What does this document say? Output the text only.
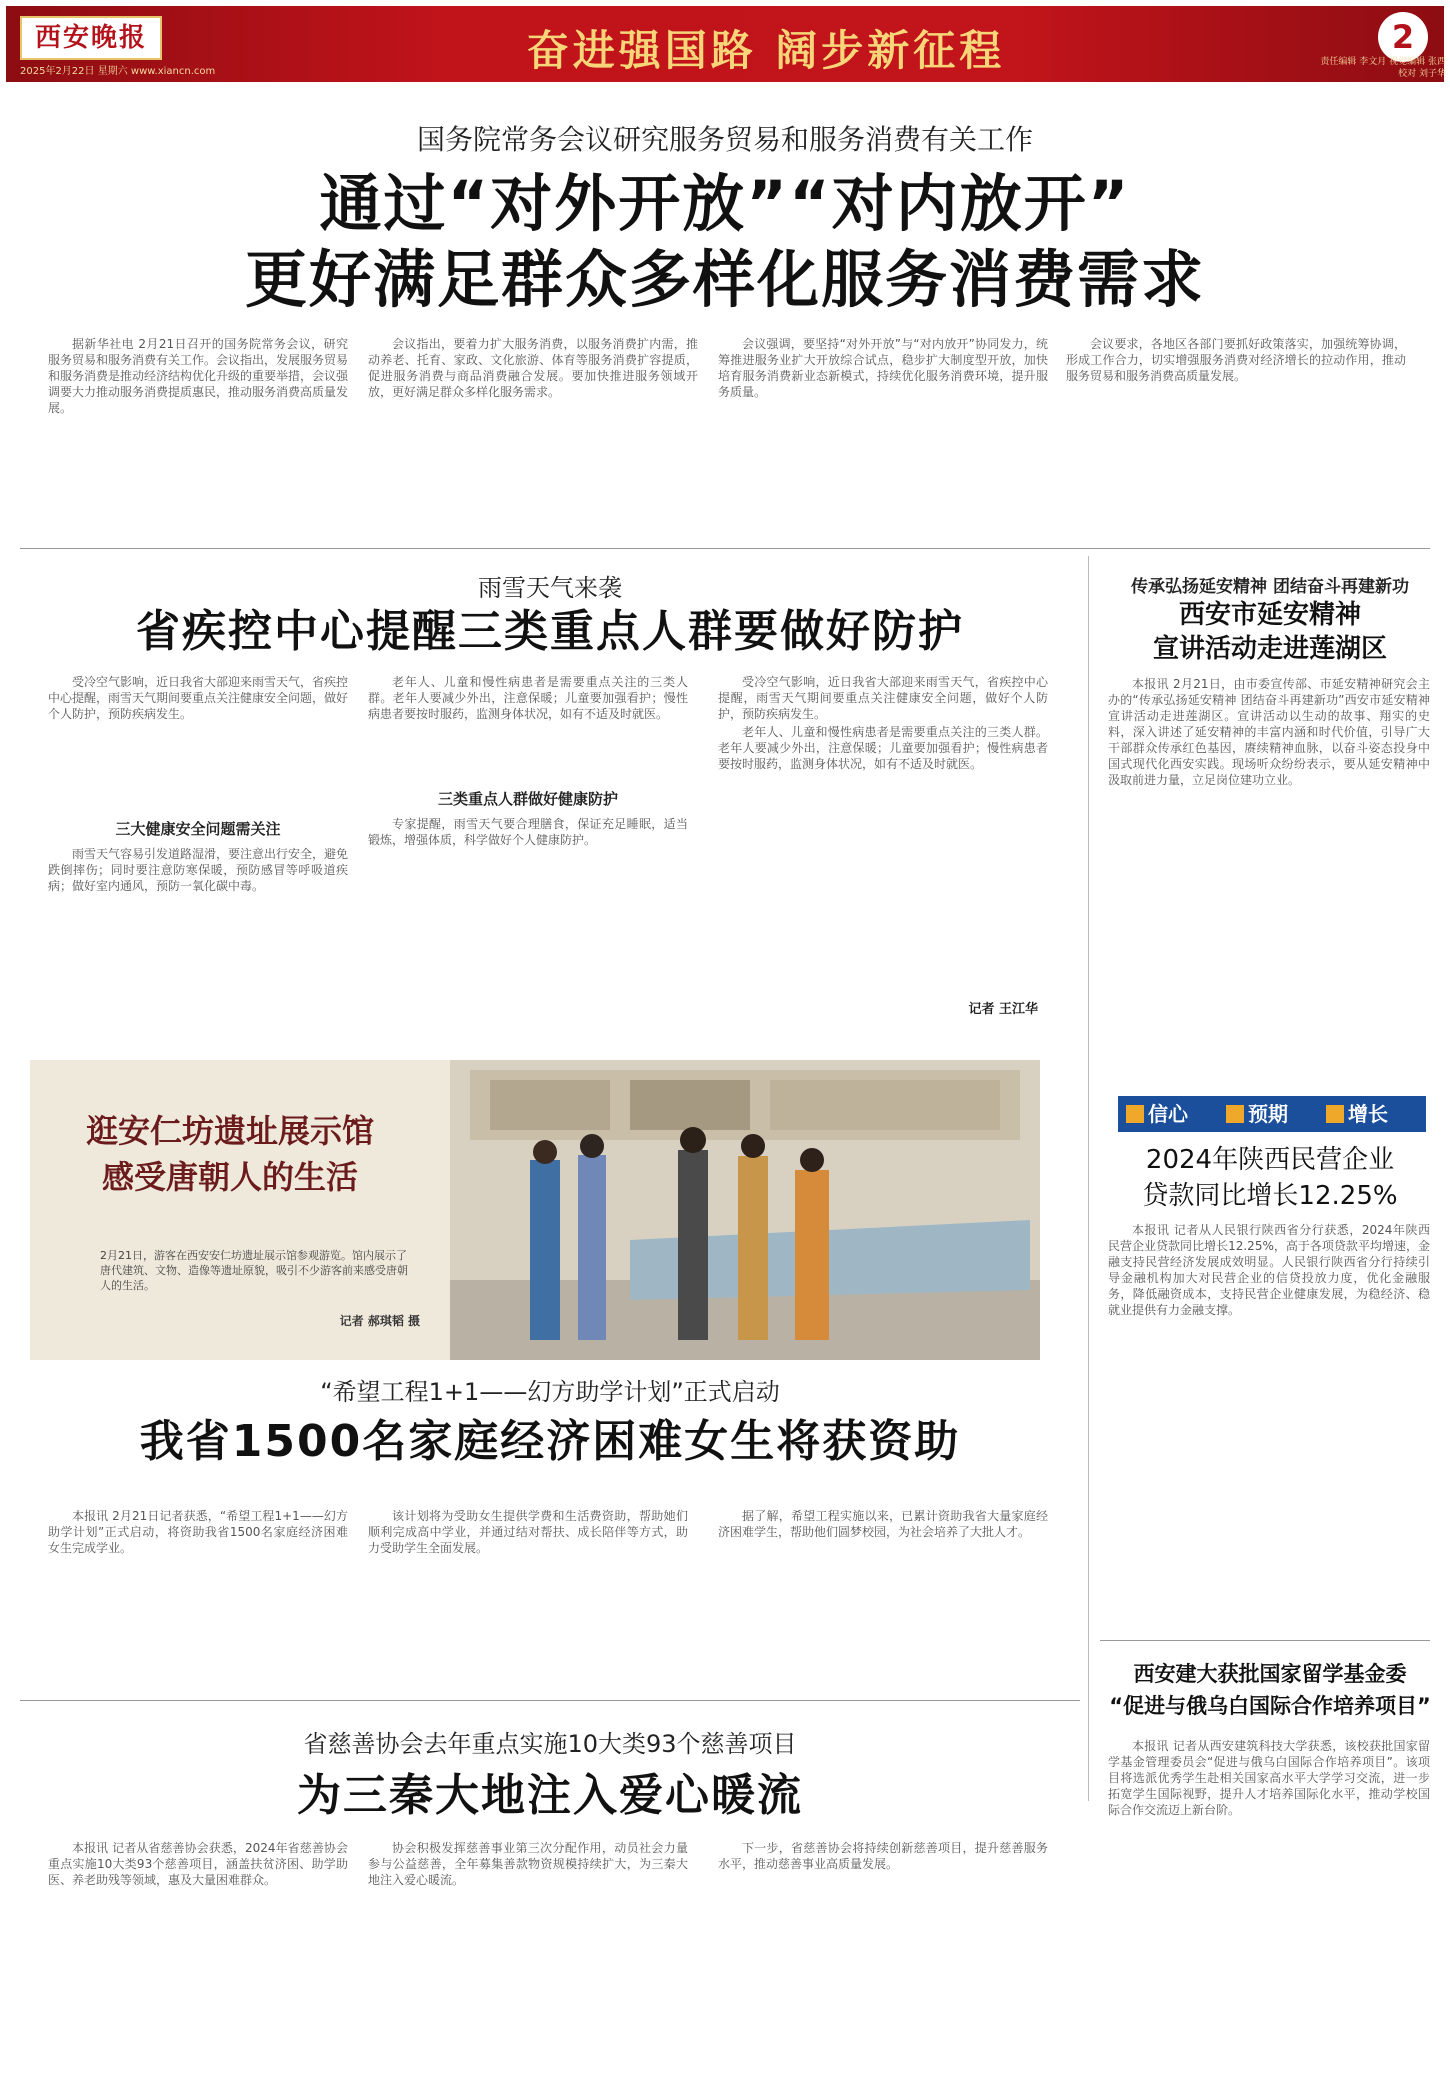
西安晚报
2025年2月22日 星期六 www.xiancn.com	奋进强国路 阔步新征程	2
责任编辑 李文月 视觉编辑 张西
校对 刘子华
国务院常务会议研究服务贸易和服务消费有关工作
通过“对外开放”“对内放开”
更好满足群众多样化服务消费需求

据新华社电 2月21日召开的国务院常务会议，研究服务贸易和服务消费有关工作。会议指出，发展服务贸易和服务消费是推动经济结构优化升级的重要举措，会议强调要大力推动服务消费提质惠民，推动服务消费高质量发展。

会议指出，要着力扩大服务消费，以服务消费扩内需，推动养老、托育、家政、文化旅游、体育等服务消费扩容提质，促进服务消费与商品消费融合发展。要加快推进服务领域开放，更好满足群众多样化服务需求。

会议强调，要坚持“对外开放”与“对内放开”协同发力，统筹推进服务业扩大开放综合试点，稳步扩大制度型开放，加快培育服务消费新业态新模式，持续优化服务消费环境，提升服务质量。

会议要求，各地区各部门要抓好政策落实，加强统筹协调，形成工作合力，切实增强服务消费对经济增长的拉动作用，推动服务贸易和服务消费高质量发展。

雨雪天气来袭
省疾控中心提醒三类重点人群要做好防护

受冷空气影响，近日我省大部迎来雨雪天气，省疾控中心提醒，雨雪天气期间要重点关注健康安全问题，做好个人防护，预防疾病发生。

三大健康安全问题需关注

雨雪天气容易引发道路湿滑，要注意出行安全，避免跌倒摔伤；同时要注意防寒保暖，预防感冒等呼吸道疾病；做好室内通风，预防一氧化碳中毒。

老年人、儿童和慢性病患者是需要重点关注的三类人群。老年人要减少外出，注意保暖；儿童要加强看护；慢性病患者要按时服药，监测身体状况，如有不适及时就医。

三类重点人群做好健康防护

专家提醒，雨雪天气要合理膳食，保证充足睡眠，适当锻炼，增强体质，科学做好个人健康防护。

受冷空气影响，近日我省大部迎来雨雪天气，省疾控中心提醒，雨雪天气期间要重点关注健康安全问题，做好个人防护，预防疾病发生。

老年人、儿童和慢性病患者是需要重点关注的三类人群。老年人要减少外出，注意保暖；儿童要加强看护；慢性病患者要按时服药，监测身体状况，如有不适及时就医。

记者 王江华
逛安仁坊遗址展示馆
感受唐朝人的生活
2月21日，游客在西安安仁坊遗址展示馆参观游览。馆内展示了唐代建筑、文物、造像等遗址原貌，吸引不少游客前来感受唐朝人的生活。
记者 郝琪韬 摄
“希望工程1+1——幻方助学计划”正式启动
我省1500名家庭经济困难女生将获资助

本报讯 2月21日记者获悉，“希望工程1+1——幻方助学计划”正式启动，将资助我省1500名家庭经济困难女生完成学业。

该计划将为受助女生提供学费和生活费资助，帮助她们顺利完成高中学业，并通过结对帮扶、成长陪伴等方式，助力受助学生全面发展。

据了解，希望工程实施以来，已累计资助我省大量家庭经济困难学生，帮助他们圆梦校园，为社会培养了大批人才。

省慈善协会去年重点实施10大类93个慈善项目
为三秦大地注入爱心暖流

本报讯 记者从省慈善协会获悉，2024年省慈善协会重点实施10大类93个慈善项目，涵盖扶贫济困、助学助医、养老助残等领域，惠及大量困难群众。

协会积极发挥慈善事业第三次分配作用，动员社会力量参与公益慈善，全年募集善款物资规模持续扩大，为三秦大地注入爱心暖流。

下一步，省慈善协会将持续创新慈善项目，提升慈善服务水平，推动慈善事业高质量发展。

传承弘扬延安精神 团结奋斗再建新功
西安市延安精神
宣讲活动走进莲湖区

本报讯 2月21日，由市委宣传部、市延安精神研究会主办的“传承弘扬延安精神 团结奋斗再建新功”西安市延安精神宣讲活动走进莲湖区。宣讲活动以生动的故事、翔实的史料，深入讲述了延安精神的丰富内涵和时代价值，引导广大干部群众传承红色基因，赓续精神血脉，以奋斗姿态投身中国式现代化西安实践。现场听众纷纷表示，要从延安精神中汲取前进力量，立足岗位建功立业。

信心	预期	增长
2024年陕西民营企业
贷款同比增长12.25%

本报讯 记者从人民银行陕西省分行获悉，2024年陕西民营企业贷款同比增长12.25%，高于各项贷款平均增速，金融支持民营经济发展成效明显。人民银行陕西省分行持续引导金融机构加大对民营企业的信贷投放力度，优化金融服务，降低融资成本，支持民营企业健康发展，为稳经济、稳就业提供有力金融支撑。

西安建大获批国家留学基金委
“促进与俄乌白国际合作培养项目”

本报讯 记者从西安建筑科技大学获悉，该校获批国家留学基金管理委员会“促进与俄乌白国际合作培养项目”。该项目将选派优秀学生赴相关国家高水平大学学习交流，进一步拓宽学生国际视野，提升人才培养国际化水平，推动学校国际合作交流迈上新台阶。
